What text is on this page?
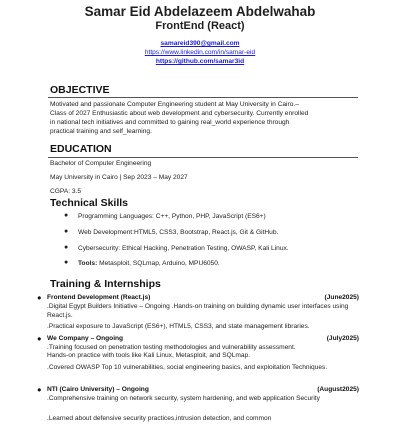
Samar Eid Abdelazeem Abdelwahab
FrontEnd (React)
samareid390@gmail.com
https://www.linkedin.com/in/samar-eid
https://github.com/samar3id
OBJECTIVE
Motivated and passionate Computer Engineering student at May University in Cairo.–
Class of 2027 Enthusiastic about web development and cybersecurity. Currently enrolled
in national tech initiatives and committed to gaining real_world experience through
practical training and self_learning.
EDUCATION
Bachelor of Computer Engineering
May University in Cairo | Sep 2023 – May 2027
CGPA: 3.5
Technical Skills
● Programming Languages: C++, Python, PHP, JavaScript (ES6+)
● Web Development:HTML5, CSS3, Bootstrap, React.js, Git & GitHub.
● Cybersecurity: Ethical Hacking, Penetration Testing, OWASP, Kali Linux.
● Tools: Metasploit, SQLmap, Arduino, MPU6050.
Training & Internships
● Frontend Development (React.js)	(June2025)
.Digital Egypt Builders Initiative – Ongoing .Hands-on training on building dynamic user interfaces using React.js.
.Practical exposure to JavaScript (ES6+), HTML5, CSS3, and state management libraries.
● We Company – Ongoing	(July2025)
.Training focused on penetration testing methodologies and vulnerability assessment.
Hands-on practice with tools like Kali Linux, Metasploit, and SQLmap.
.Covered OWASP Top 10 vulnerabilities, social engineering basics, and exploitation Techniques.
● NTI (Cairo University) – Ongoing	(August2025)
.Comprehensive training on network security, system hardening, and web application Security
.Learned about defensive security practices,intrusion detection, and common
